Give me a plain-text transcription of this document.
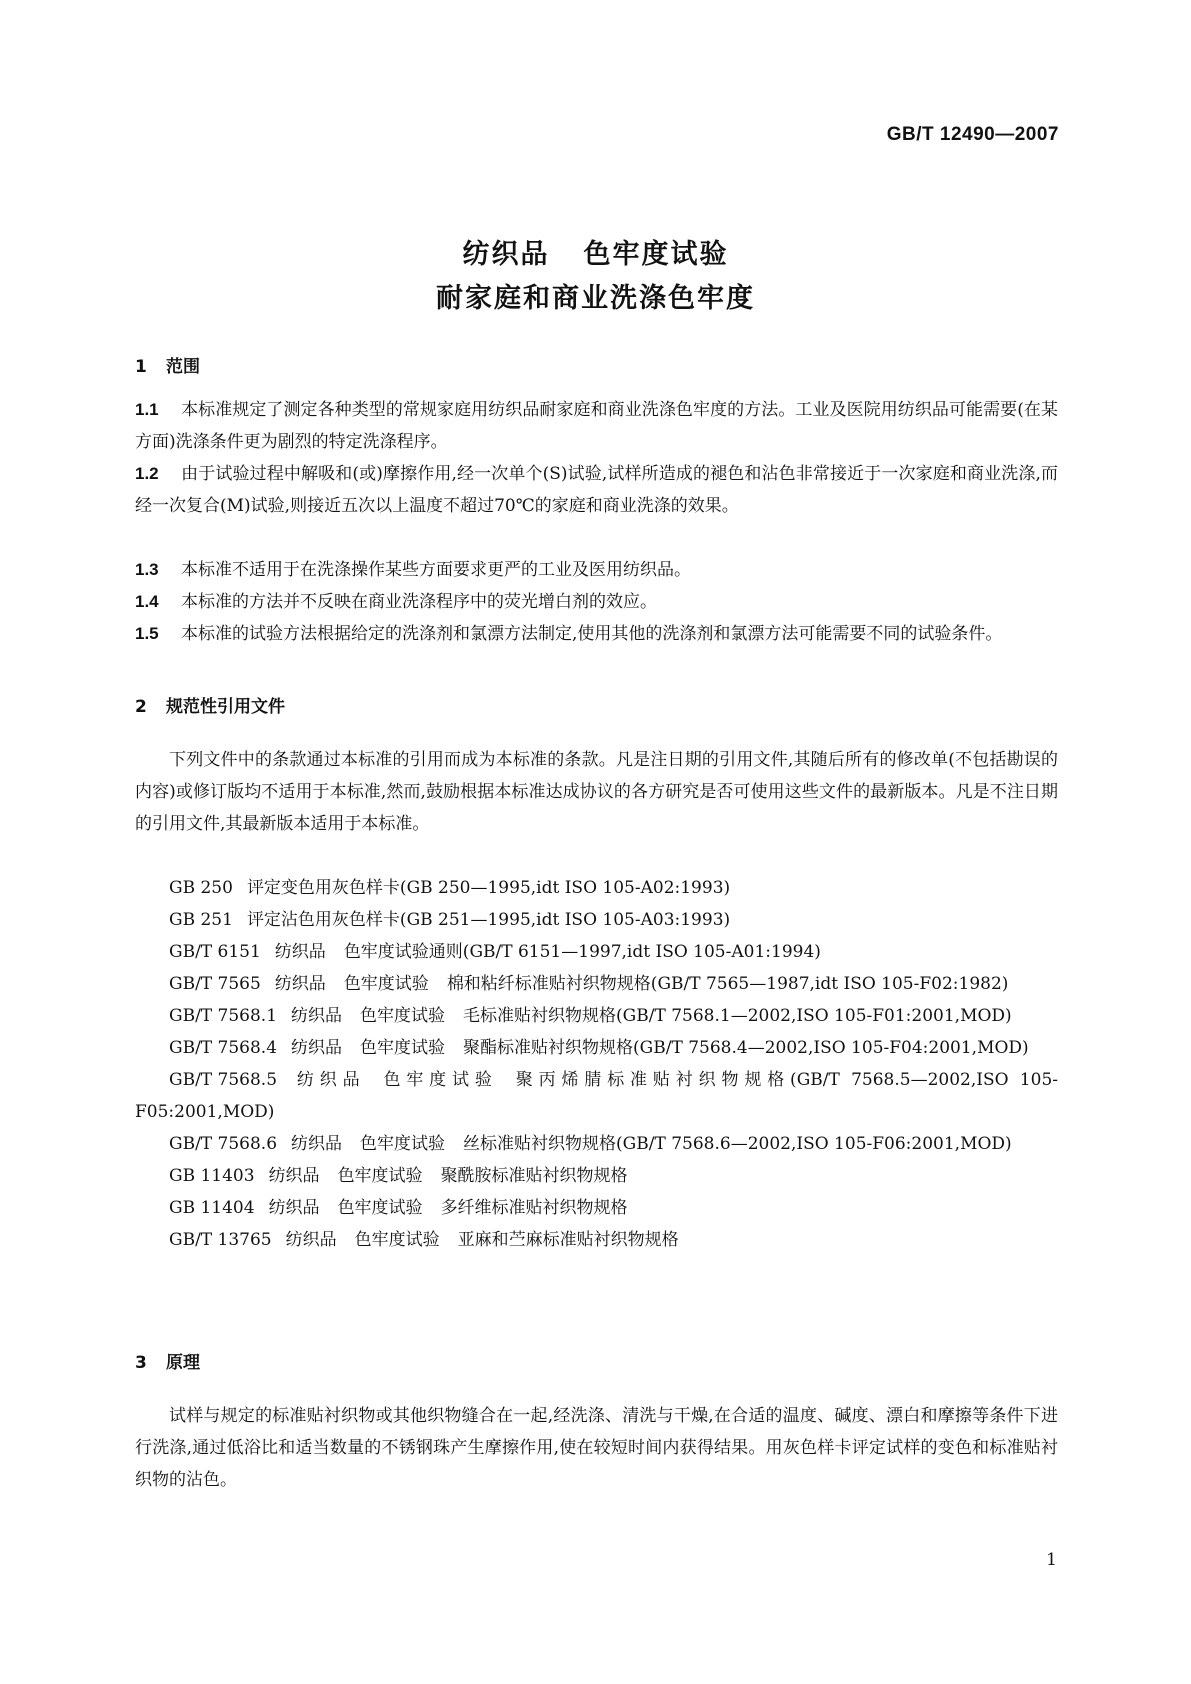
GB/T 12490—2007
纺织品 色牢度试验
耐家庭和商业洗涤色牢度
1 范围
1.1 本标准规定了测定各种类型的常规家庭用纺织品耐家庭和商业洗涤色牢度的方法。工业及医院用纺织品可能需要(在某方面)洗涤条件更为剧烈的特定洗涤程序。
1.2 由于试验过程中解吸和(或)摩擦作用,经一次单个(S)试验,试样所造成的褪色和沾色非常接近于一次家庭和商业洗涤,而经一次复合(M)试验,则接近五次以上温度不超过70℃的家庭和商业洗涤的效果。
1.3 本标准不适用于在洗涤操作某些方面要求更严的工业及医用纺织品。
1.4 本标准的方法并不反映在商业洗涤程序中的荧光增白剂的效应。
1.5 本标准的试验方法根据给定的洗涤剂和氯漂方法制定,使用其他的洗涤剂和氯漂方法可能需要不同的试验条件。
2 规范性引用文件
下列文件中的条款通过本标准的引用而成为本标准的条款。凡是注日期的引用文件,其随后所有的修改单(不包括勘误的内容)或修订版均不适用于本标准,然而,鼓励根据本标准达成协议的各方研究是否可使用这些文件的最新版本。凡是不注日期的引用文件,其最新版本适用于本标准。
GB 250 评定变色用灰色样卡(GB 250—1995,idt ISO 105-A02:1993)
GB 251 评定沾色用灰色样卡(GB 251—1995,idt ISO 105-A03:1993)
GB/T 6151 纺织品 色牢度试验通则(GB/T 6151—1997,idt ISO 105-A01:1994)
GB/T 7565 纺织品 色牢度试验 棉和粘纤标准贴衬织物规格(GB/T 7565—1987,idt ISO 105-F02:1982)
GB/T 7568.1 纺织品 色牢度试验 毛标准贴衬织物规格(GB/T 7568.1—2002,ISO 105-F01:2001,MOD)
GB/T 7568.4 纺织品 色牢度试验 聚酯标准贴衬织物规格(GB/T 7568.4—2002,ISO 105-F04:2001,MOD)
GB/T 7568.5 纺织品 色牢度试验 聚丙烯腈标准贴衬织物规格(GB/T 7568.5—2002,ISO 105-F05:2001,MOD)
GB/T 7568.6 纺织品 色牢度试验 丝标准贴衬织物规格(GB/T 7568.6—2002,ISO 105-F06:2001,MOD)
GB 11403 纺织品 色牢度试验 聚酰胺标准贴衬织物规格
GB 11404 纺织品 色牢度试验 多纤维标准贴衬织物规格
GB/T 13765 纺织品 色牢度试验 亚麻和苎麻标准贴衬织物规格
3 原理
试样与规定的标准贴衬织物或其他织物缝合在一起,经洗涤、清洗与干燥,在合适的温度、碱度、漂白和摩擦等条件下进行洗涤,通过低浴比和适当数量的不锈钢珠产生摩擦作用,使在较短时间内获得结果。用灰色样卡评定试样的变色和标准贴衬织物的沾色。
1
